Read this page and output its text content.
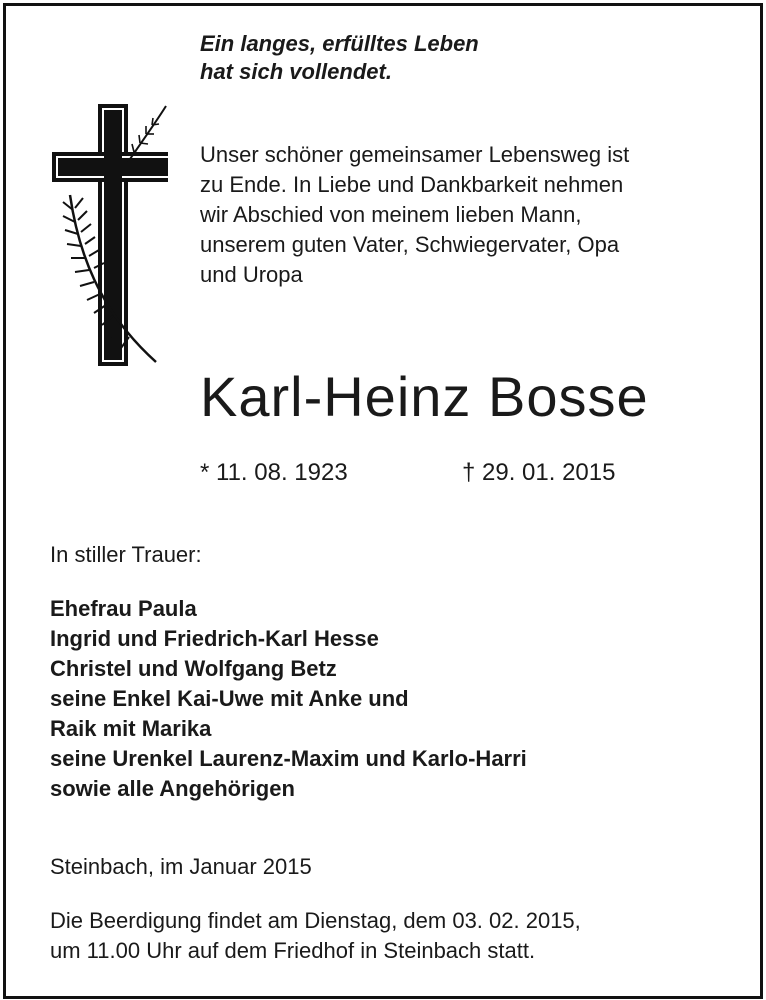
Ein langes, erfülltes Leben
hat sich vollendet.
Unser schöner gemeinsamer Lebensweg ist
zu Ende. In Liebe und Dankbarkeit nehmen
wir Abschied von meinem lieben Mann,
unserem guten Vater, Schwiegervater, Opa
und Uropa
Karl-Heinz Bosse
* 11. 08. 1923	† 29. 01. 2015
In stiller Trauer:
Ehefrau Paula
Ingrid und Friedrich-Karl Hesse
Christel und Wolfgang Betz
seine Enkel Kai-Uwe mit Anke und
Raik mit Marika
seine Urenkel Laurenz-Maxim und Karlo-Harri
sowie alle Angehörigen
Steinbach, im Januar 2015
Die Beerdigung findet am Dienstag, dem 03. 02. 2015,
um 11.00 Uhr auf dem Friedhof in Steinbach statt.
